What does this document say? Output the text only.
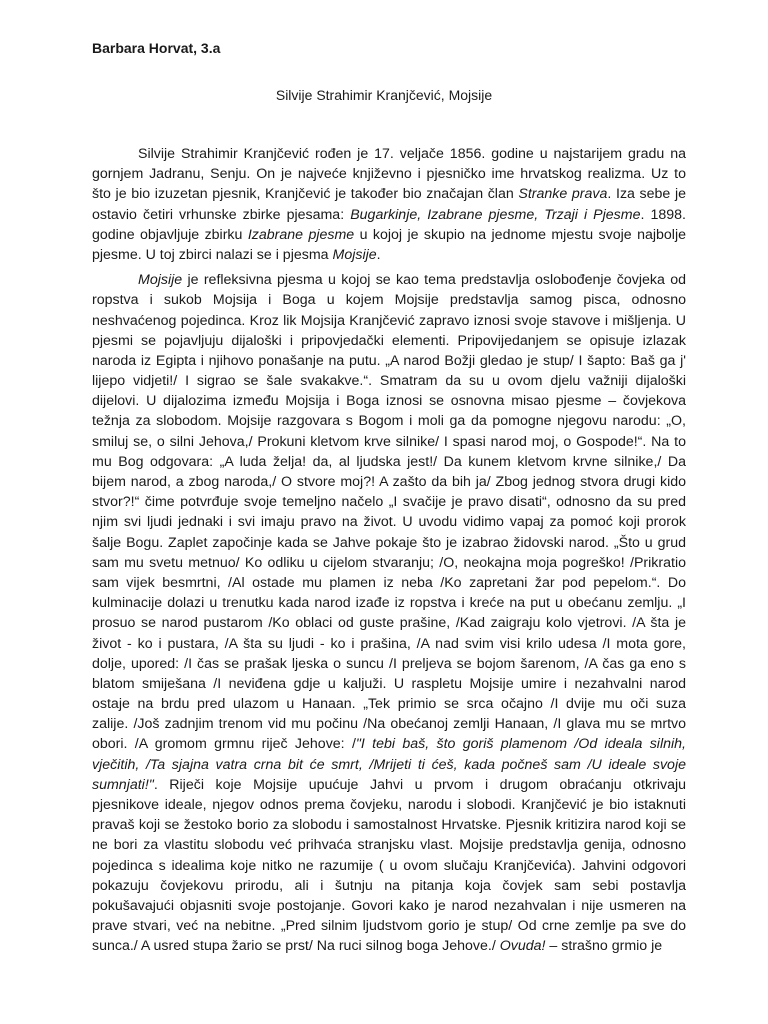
Barbara Horvat, 3.a

Silvije Strahimir Kranjčević, Mojsije

Silvije Strahimir Kranjčević rođen je 17. veljače 1856. godine u najstarijem gradu na
gornjem Jadranu, Senju. On je najveće književno i pjesničko ime hrvatskog realizma. Uz to
što je bio izuzetan pjesnik, Kranjčević je također bio značajan član Stranke prava. Iza sebe je
ostavio četiri vrhunske zbirke pjesama: Bugarkinje, Izabrane pjesme, Trzaji i Pjesme. 1898.
godine objavljuje zbirku Izabrane pjesme u kojoj je skupio na jednome mjestu svoje najbolje
pjesme. U toj zbirci nalazi se i pjesma Mojsije.
Mojsije je refleksivna pjesma u kojoj se kao tema predstavlja oslobođenje čovjeka od
ropstva i sukob Mojsija i Boga u kojem Mojsije predstavlja samog pisca, odnosno
neshvaćenog pojedinca. Kroz lik Mojsija Kranjčević zapravo iznosi svoje stavove i mišljenja. U
pjesmi se pojavljuju dijaloški i pripovjedački elementi. Pripovijedanjem se opisuje izlazak
naroda iz Egipta i njihovo ponašanje na putu. „A narod Božji gledao je stup/ I šapto: Baš ga j'
lijepo vidjeti!/ I sigrao se šale svakakve.“. Smatram da su u ovom djelu važniji dijaloški
dijelovi. U dijalozima između Mojsija i Boga iznosi se osnovna misao pjesme – čovjekova
težnja za slobodom. Mojsije razgovara s Bogom i moli ga da pomogne njegovu narodu: „O,
smiluj se, o silni Jehova,/ Prokuni kletvom krve silnike/ I spasi narod moj, o Gospode!“. Na to
mu Bog odgovara: „A luda želja! da, al ljudska jest!/ Da kunem kletvom krvne silnike,/ Da
bijem narod, a zbog naroda,/ O stvore moj?! A zašto da bih ja/ Zbog jednog stvora drugi kido
stvor?!“ čime potvrđuje svoje temeljno načelo „I svačije je pravo disati“, odnosno da su pred
njim svi ljudi jednaki i svi imaju pravo na život. U uvodu vidimo vapaj za pomoć koji prorok
šalje Bogu. Zaplet započinje kada se Jahve pokaje što je izabrao židovski narod. „Što u grud
sam mu svetu metnuo/ Ko odliku u cijelom stvaranju; /O, neokajna moja pogreško! /Prikratio
sam vijek besmrtni, /Al ostade mu plamen iz neba /Ko zapretani žar pod pepelom.“. Do
kulminacije dolazi u trenutku kada narod izađe iz ropstva i kreće na put u obećanu zemlju. „I
prosuo se narod pustarom /Ko oblaci od guste prašine, /Kad zaigraju kolo vjetrovi. /A šta je
život - ko i pustara, /A šta su ljudi - ko i prašina, /A nad svim visi krilo udesa /I mota gore,
dolje, upored: /I čas se prašak ljeska o suncu /I preljeva se bojom šarenom, /A čas ga eno s
blatom smiješana /I neviđena gdje u kaljuži. U raspletu Mojsije umire i nezahvalni narod
ostaje na brdu pred ulazom u Hanaan. „Tek primio se srca očajno /I dvije mu oči suza
zalije. /Još zadnjim trenom vid mu počinu /Na obećanoj zemlji Hanaan, /I glava mu se mrtvo
obori. /A gromom grmnu riječ Jehove: /"I tebi baš, što goriš plamenom /Od ideala silnih,
vječitih, /Ta sjajna vatra crna bit će smrt, /Mrijeti ti ćeš, kada počneš sam /U ideale svoje
sumnjati!". Riječi koje Mojsije upućuje Jahvi u prvom i drugom obraćanju otkrivaju
pjesnikove ideale, njegov odnos prema čovjeku, narodu i slobodi. Kranjčević je bio istaknuti
pravaš koji se žestoko borio za slobodu i samostalnost Hrvatske. Pjesnik kritizira narod koji se
ne bori za vlastitu slobodu već prihvaća stranjsku vlast. Mojsije predstavlja genija, odnosno
pojedinca s idealima koje nitko ne razumije ( u ovom slučaju Kranjčevića). Jahvini odgovori
pokazuju čovjekovu prirodu, ali i šutnju na pitanja koja čovjek sam sebi postavlja
pokušavajući objasniti svoje postojanje. Govori kako je narod nezahvalan i nije usmeren na
prave stvari, već na nebitne. „Pred silnim ljudstvom gorio je stup/ Od crne zemlje pa sve do
sunca./ A usred stupa žario se prst/ Na ruci silnog boga Jehove./ Ovuda! – strašno grmio je
